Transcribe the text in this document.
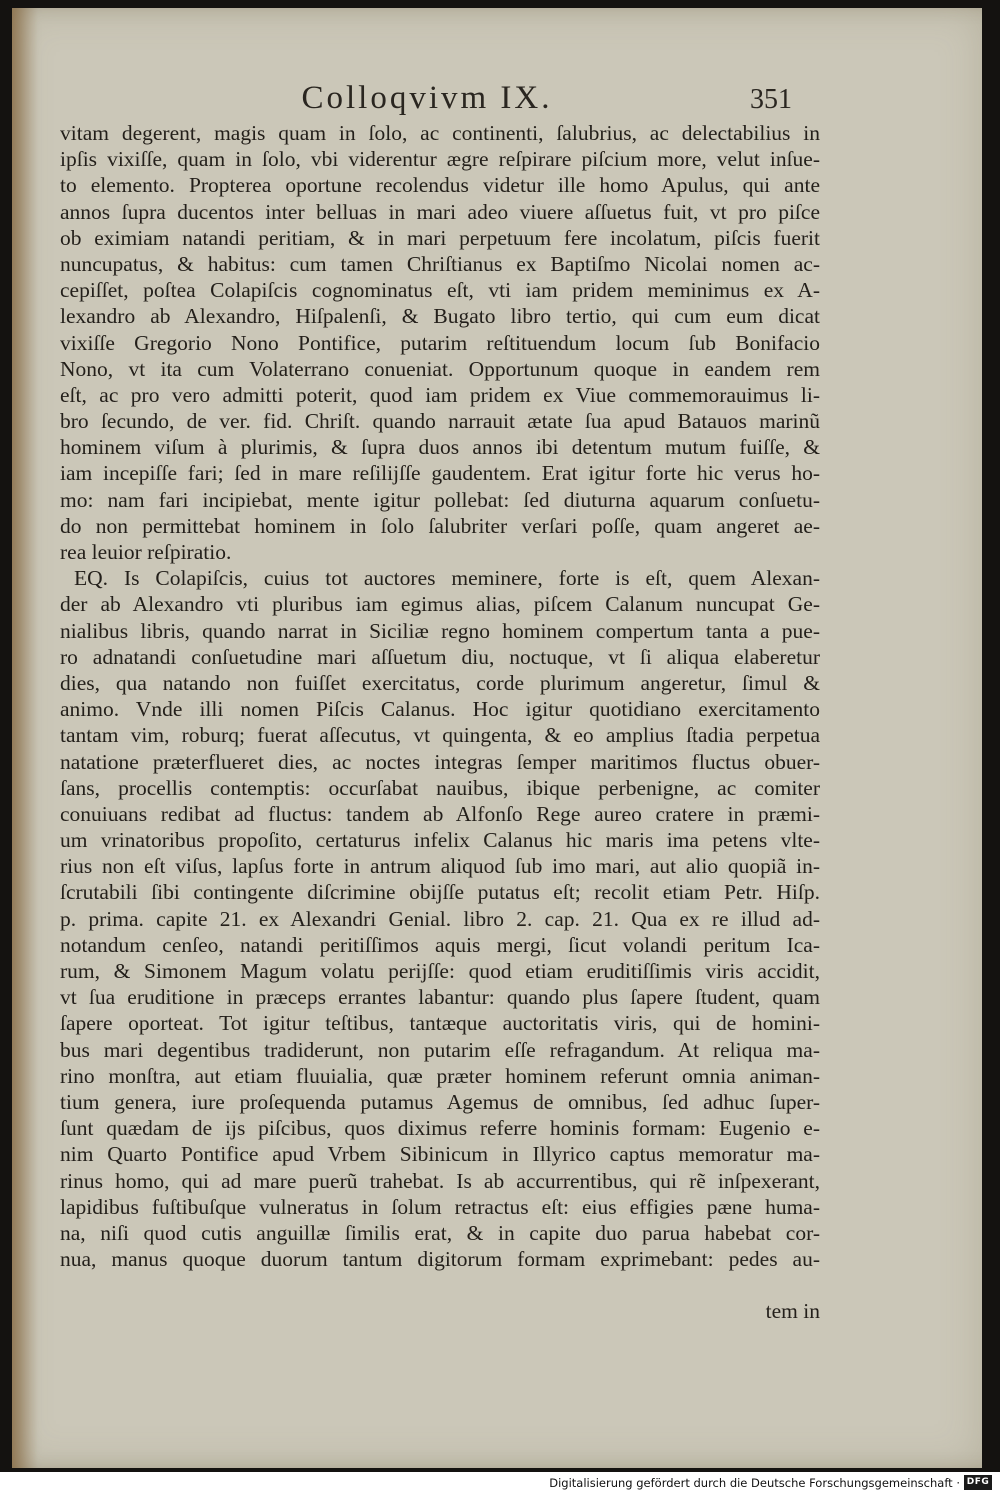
Colloqvivm IX.	351
vitam degerent, magis quam in ſolo, ac continenti, ſalubrius, ac delectabilius in
ipſis vixiſſe, quam in ſolo, vbi viderentur ægre reſpirare piſcium more, velut inſue-
to elemento. Propterea oportune recolendus videtur ille homo Apulus, qui ante
annos ſupra ducentos inter belluas in mari adeo viuere aſſuetus fuit, vt pro piſce
ob eximiam natandi peritiam, & in mari perpetuum fere incolatum, piſcis fuerit
nuncupatus, & habitus: cum tamen Chriſtianus ex Baptiſmo Nicolai nomen ac-
cepiſſet, poſtea Colapiſcis cognominatus eſt, vti iam pridem meminimus ex A-
lexandro ab Alexandro, Hiſpalenſi, & Bugato libro tertio, qui cum eum dicat
vixiſſe Gregorio Nono Pontifice, putarim reſtituendum locum ſub Bonifacio
Nono, vt ita cum Volaterrano conueniat. Opportunum quoque in eandem rem
eſt, ac pro vero admitti poterit, quod iam pridem ex Viue commemorauimus li-
bro ſecundo, de ver. fid. Chriſt. quando narrauit ætate ſua apud Batauos marinũ
hominem viſum à plurimis, & ſupra duos annos ibi detentum mutum fuiſſe, &
iam incepiſſe fari; ſed in mare reſilijſſe gaudentem. Erat igitur forte hic verus ho-
mo: nam fari incipiebat, mente igitur pollebat: ſed diuturna aquarum conſuetu-
do non permittebat hominem in ſolo ſalubriter verſari poſſe, quam angeret ae-
rea leuior reſpiratio.
EQ. Is Colapiſcis, cuius tot auctores meminere, forte is eſt, quem Alexan-
der ab Alexandro vti pluribus iam egimus alias, piſcem Calanum nuncupat Ge-
nialibus libris, quando narrat in Siciliæ regno hominem compertum tanta a pue-
ro adnatandi conſuetudine mari aſſuetum diu, noctuque, vt ſi aliqua elaberetur
dies, qua natando non fuiſſet exercitatus, corde plurimum angeretur, ſimul &
animo. Vnde illi nomen Piſcis Calanus. Hoc igitur quotidiano exercitamento
tantam vim, roburq; fuerat aſſecutus, vt quingenta, & eo amplius ſtadia perpetua
natatione præterflueret dies, ac noctes integras ſemper maritimos fluctus obuer-
ſans, procellis contemptis: occurſabat nauibus, ibique perbenigne, ac comiter
conuiuans redibat ad fluctus: tandem ab Alfonſo Rege aureo cratere in præmi-
um vrinatoribus propoſito, certaturus infelix Calanus hic maris ima petens vlte-
rius non eſt viſus, lapſus forte in antrum aliquod ſub imo mari, aut alio quopiã in-
ſcrutabili ſibi contingente diſcrimine obijſſe putatus eſt; recolit etiam Petr. Hiſp.
p. prima. capite 21. ex Alexandri Genial. libro 2. cap. 21. Qua ex re illud ad-
notandum cenſeo, natandi peritiſſimos aquis mergi, ſicut volandi peritum Ica-
rum, & Simonem Magum volatu perijſſe: quod etiam eruditiſſimis viris accidit,
vt ſua eruditione in præceps errantes labantur: quando plus ſapere ſtudent, quam
ſapere oporteat. Tot igitur teſtibus, tantæque auctoritatis viris, qui de homini-
bus mari degentibus tradiderunt, non putarim eſſe refragandum. At reliqua ma-
rino monſtra, aut etiam fluuialia, quæ præter hominem referunt omnia animan-
tium genera, iure proſequenda putamus Agemus de omnibus, ſed adhuc ſuper-
ſunt quædam de ijs piſcibus, quos diximus referre hominis formam: Eugenio e-
nim Quarto Pontifice apud Vrbem Sibinicum in Illyrico captus memoratur ma-
rinus homo, qui ad mare puerũ trahebat. Is ab accurrentibus, qui rẽ inſpexerant,
lapidibus fuſtibuſque vulneratus in ſolum retractus eſt: eius effigies pæne huma-
na, niſi quod cutis anguillæ ſimilis erat, & in capite duo parua habebat cor-
nua, manus quoque duorum tantum digitorum formam exprimebant: pedes au-
tem in
Digitalisierung gefördert durch die Deutsche Forschungsgemeinschaft · DFG
